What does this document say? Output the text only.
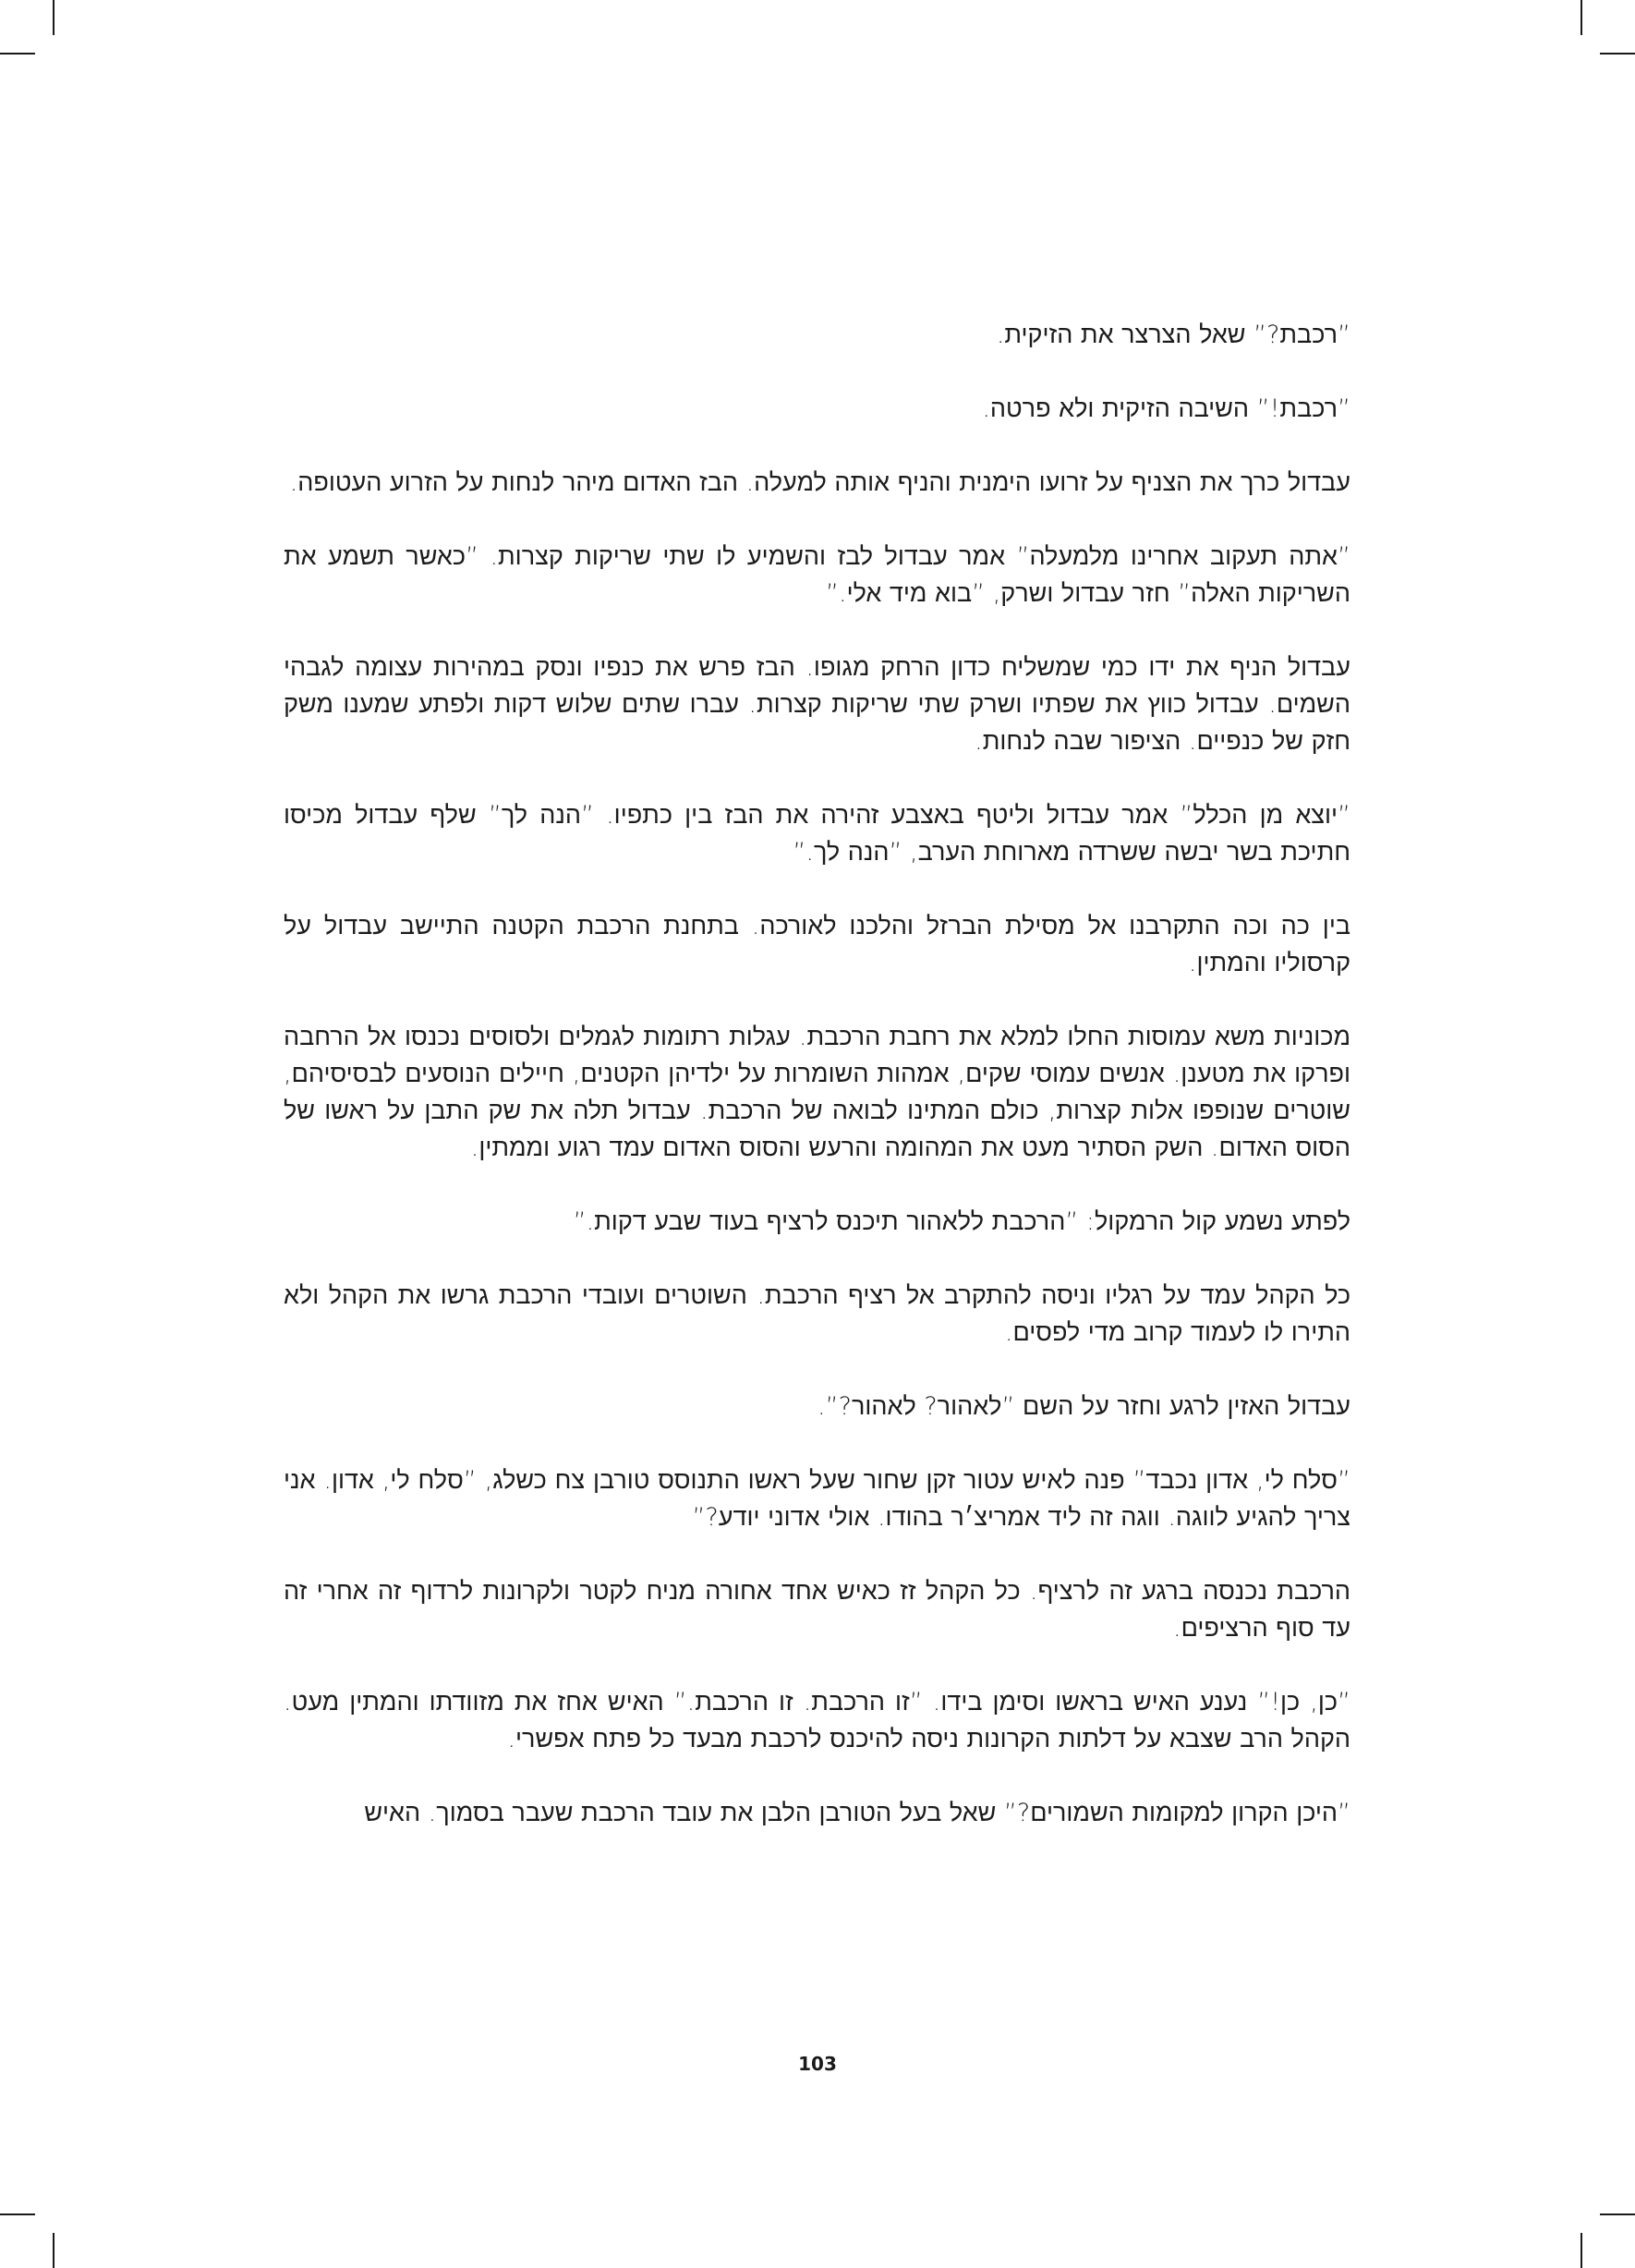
”רכבת?” שאל הצרצר את הזיקית.

”רכבת!” השיבה הזיקית ולא פרטה.

עבדול כרך את הצניף על זרועו הימנית והניף אותה למעלה. הבז האדום מיהר לנחות על הזרוע העטופה.

”אתה תעקוב אחרינו מלמעלה” אמר עבדול לבז והשמיע לו שתי שריקות קצרות. ”כאשר תשמע את השריקות האלה” חזר עבדול ושרק, ”בוא מיד אלי.”

עבדול הניף את ידו כמי שמשליח כדון הרחק מגופו. הבז פרש את כנפיו ונסק במהירות עצומה לגבהי השמים. עבדול כווץ את שפתיו ושרק שתי שריקות קצרות. עברו שתים שלוש דקות ולפתע שמענו משק חזק של כנפיים. הציפור שבה לנחות.

”יוצא מן הכלל” אמר עבדול וליטף באצבע זהירה את הבז בין כתפיו. ”הנה לך” שלף עבדול מכיסו חתיכת בשר יבשה ששרדה מארוחת הערב, ”הנה לך.”

בין כה וכה התקרבנו אל מסילת הברזל והלכנו לאורכה. בתחנת הרכבת הקטנה התיישב עבדול על קרסוליו והמתין.

מכוניות משא עמוסות החלו למלא את רחבת הרכבת. עגלות רתומות לגמלים ולסוסים נכנסו אל הרחבה ופרקו את מטענן. אנשים עמוסי שקים, אמהות השומרות על ילדיהן הקטנים, חיילים הנוסעים לבסיסיהם, שוטרים שנופפו אלות קצרות, כולם המתינו לבואה של הרכבת. עבדול תלה את שק התבן על ראשו של הסוס האדום. השק הסתיר מעט את המהומה והרעש והסוס האדום עמד רגוע וממתין.

לפתע נשמע קול הרמקול: ”הרכבת ללאהור תיכנס לרציף בעוד שבע דקות.”

כל הקהל עמד על רגליו וניסה להתקרב אל רציף הרכבת. השוטרים ועובדי הרכבת גרשו את הקהל ולא התירו לו לעמוד קרוב מדי לפסים.

עבדול האזין לרגע וחזר על השם ”לאהור? לאהור?”.

”סלח לי, אדון נכבד” פנה לאיש עטור זקן שחור שעל ראשו התנוסס טורבן צח כשלג, ”סלח לי, אדון. אני צריך להגיע לווגה. ווגה זה ליד אמריצ׳ר בהודו. אולי אדוני יודע?”

הרכבת נכנסה ברגע זה לרציף. כל הקהל זז כאיש אחד אחורה מניח לקטר ולקרונות לרדוף זה אחרי זה עד סוף הרציפים.

”כן, כן!” נענע האיש בראשו וסימן בידו. ”זו הרכבת. זו הרכבת.” האיש אחז את מזוודתו והמתין מעט. הקהל הרב שצבא על דלתות הקרונות ניסה להיכנס לרכבת מבעד כל פתח אפשרי.

”היכן הקרון למקומות השמורים?” שאל בעל הטורבן הלבן את עובד הרכבת שעבר בסמוך. האיש

103
